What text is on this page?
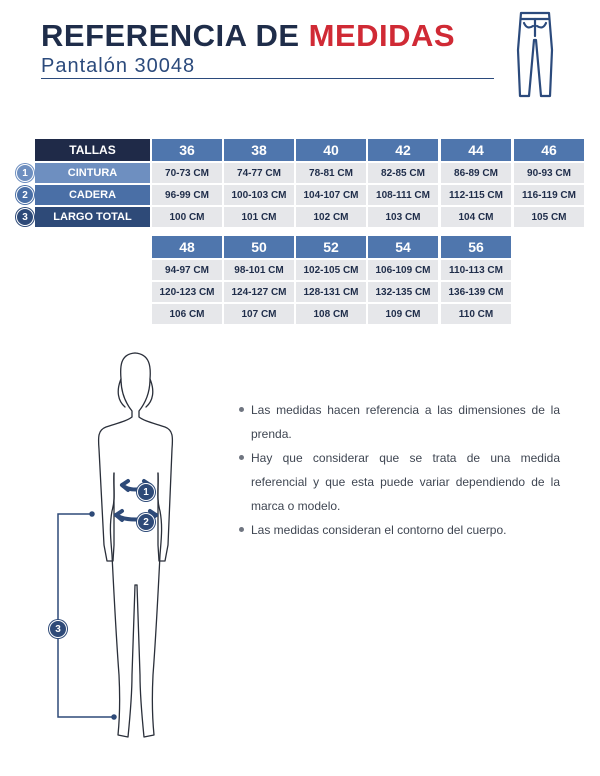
REFERENCIA DE MEDIDAS
Pantalón 30048
TALLAS
CINTURA
CADERA
LARGO TOTAL
1
2
3
36
70-73 CM
96-99 CM
100 CM
38
74-77 CM
100-103 CM
101 CM
40
78-81 CM
104-107 CM
102 CM
42
82-85 CM
108-111 CM
103 CM
44
86-89 CM
112-115 CM
104 CM
46
90-93 CM
116-119 CM
105 CM
48
94-97 CM
120-123 CM
106 CM
50
98-101 CM
124-127 CM
107 CM
52
102-105 CM
128-131 CM
108 CM
54
106-109 CM
132-135 CM
109 CM
56
110-113 CM
136-139 CM
110 CM
1
2
3
Las medidas hacen referencia a las dimensiones de la prenda.
Hay que considerar que se trata de una medida referencial y que esta puede variar dependiendo de la marca o modelo.
Las medidas consideran el contorno del cuerpo.
